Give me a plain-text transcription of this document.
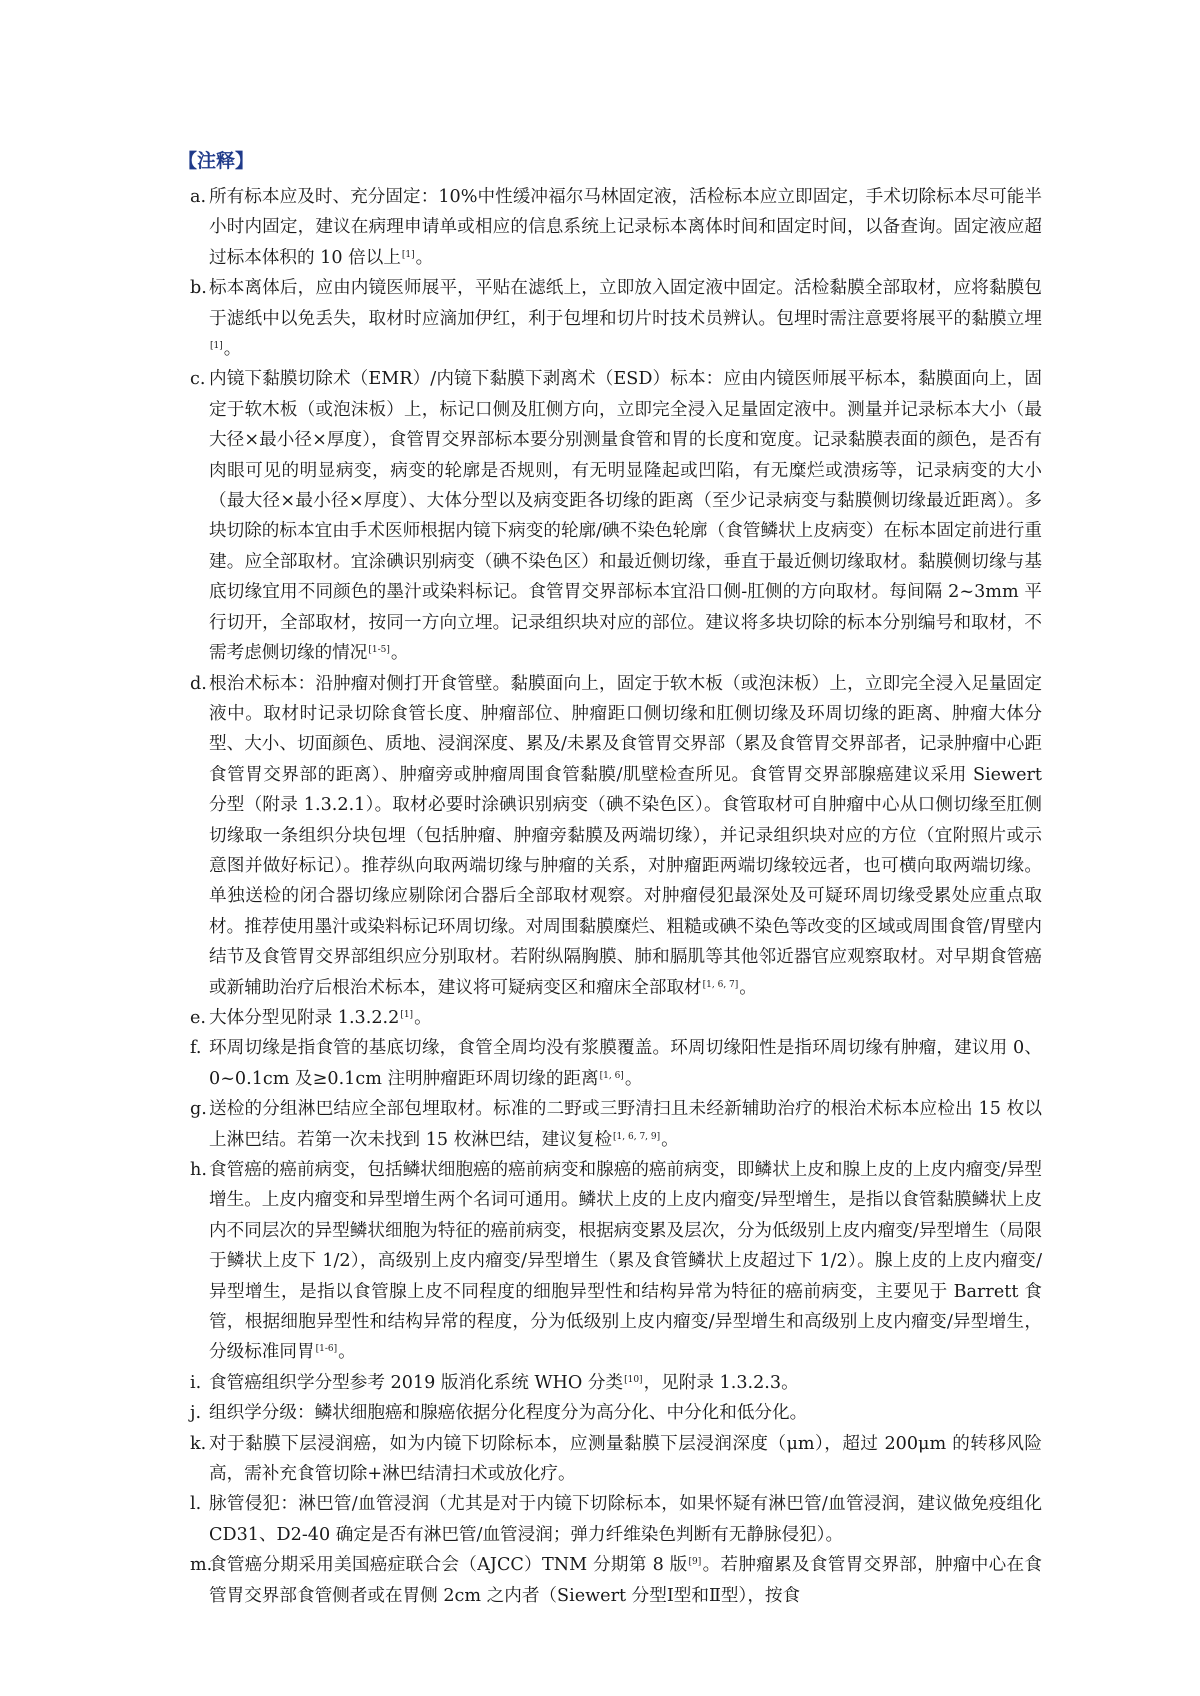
【注释】
a. 所有标本应及时、充分固定：10%中性缓冲福尔马林固定液，活检标本应立即固定，手术切除标本尽可能半小时内固定，建议在病理申请单或相应的信息系统上记录标本离体时间和固定时间，以备查询。固定液应超过标本体积的 10 倍以上[1]。
b. 标本离体后，应由内镜医师展平，平贴在滤纸上，立即放入固定液中固定。活检黏膜全部取材，应将黏膜包于滤纸中以免丢失，取材时应滴加伊红，利于包埋和切片时技术员辨认。包埋时需注意要将展平的黏膜立埋[1]。
c. 内镜下黏膜切除术（EMR）/内镜下黏膜下剥离术（ESD）标本：应由内镜医师展平标本，黏膜面向上，固定于软木板（或泡沫板）上，标记口侧及肛侧方向，立即完全浸入足量固定液中。测量并记录标本大小（最大径×最小径×厚度），食管胃交界部标本要分别测量食管和胃的长度和宽度。记录黏膜表面的颜色，是否有肉眼可见的明显病变，病变的轮廓是否规则，有无明显隆起或凹陷，有无糜烂或溃疡等，记录病变的大小（最大径×最小径×厚度）、大体分型以及病变距各切缘的距离（至少记录病变与黏膜侧切缘最近距离）。多块切除的标本宜由手术医师根据内镜下病变的轮廓/碘不染色轮廓（食管鳞状上皮病变）在标本固定前进行重建。应全部取材。宜涂碘识别病变（碘不染色区）和最近侧切缘，垂直于最近侧切缘取材。黏膜侧切缘与基底切缘宜用不同颜色的墨汁或染料标记。食管胃交界部标本宜沿口侧-肛侧的方向取材。每间隔 2~3mm 平行切开，全部取材，按同一方向立埋。记录组织块对应的部位。建议将多块切除的标本分别编号和取材，不需考虑侧切缘的情况[1-5]。
d. 根治术标本：沿肿瘤对侧打开食管壁。黏膜面向上，固定于软木板（或泡沫板）上，立即完全浸入足量固定液中。取材时记录切除食管长度、肿瘤部位、肿瘤距口侧切缘和肛侧切缘及环周切缘的距离、肿瘤大体分型、大小、切面颜色、质地、浸润深度、累及/未累及食管胃交界部（累及食管胃交界部者，记录肿瘤中心距食管胃交界部的距离）、肿瘤旁或肿瘤周围食管黏膜/肌壁检查所见。食管胃交界部腺癌建议采用 Siewert 分型（附录 1.3.2.1）。取材必要时涂碘识别病变（碘不染色区）。食管取材可自肿瘤中心从口侧切缘至肛侧切缘取一条组织分块包埋（包括肿瘤、肿瘤旁黏膜及两端切缘），并记录组织块对应的方位（宜附照片或示意图并做好标记）。推荐纵向取两端切缘与肿瘤的关系，对肿瘤距两端切缘较远者，也可横向取两端切缘。单独送检的闭合器切缘应剔除闭合器后全部取材观察。对肿瘤侵犯最深处及可疑环周切缘受累处应重点取材。推荐使用墨汁或染料标记环周切缘。对周围黏膜糜烂、粗糙或碘不染色等改变的区域或周围食管/胃壁内结节及食管胃交界部组织应分别取材。若附纵隔胸膜、肺和膈肌等其他邻近器官应观察取材。对早期食管癌或新辅助治疗后根治术标本，建议将可疑病变区和瘤床全部取材[1, 6, 7]。
e. 大体分型见附录 1.3.2.2[1]。
f. 环周切缘是指食管的基底切缘，食管全周均没有浆膜覆盖。环周切缘阳性是指环周切缘有肿瘤，建议用 0、0~0.1cm 及≥0.1cm 注明肿瘤距环周切缘的距离[1, 6]。
g. 送检的分组淋巴结应全部包埋取材。标准的二野或三野清扫且未经新辅助治疗的根治术标本应检出 15 枚以上淋巴结。若第一次未找到 15 枚淋巴结，建议复检[1, 6, 7, 9]。
h. 食管癌的癌前病变，包括鳞状细胞癌的癌前病变和腺癌的癌前病变，即鳞状上皮和腺上皮的上皮内瘤变/异型增生。上皮内瘤变和异型增生两个名词可通用。鳞状上皮的上皮内瘤变/异型增生，是指以食管黏膜鳞状上皮内不同层次的异型鳞状细胞为特征的癌前病变，根据病变累及层次，分为低级别上皮内瘤变/异型增生（局限于鳞状上皮下 1/2），高级别上皮内瘤变/异型增生（累及食管鳞状上皮超过下 1/2）。腺上皮的上皮内瘤变/异型增生，是指以食管腺上皮不同程度的细胞异型性和结构异常为特征的癌前病变，主要见于 Barrett 食管，根据细胞异型性和结构异常的程度，分为低级别上皮内瘤变/异型增生和高级别上皮内瘤变/异型增生，分级标准同胃[1-6]。
i. 食管癌组织学分型参考 2019 版消化系统 WHO 分类[10]，见附录 1.3.2.3。
j. 组织学分级：鳞状细胞癌和腺癌依据分化程度分为高分化、中分化和低分化。
k. 对于黏膜下层浸润癌，如为内镜下切除标本，应测量黏膜下层浸润深度（μm），超过 200μm 的转移风险高，需补充食管切除+淋巴结清扫术或放化疗。
l. 脉管侵犯：淋巴管/血管浸润（尤其是对于内镜下切除标本，如果怀疑有淋巴管/血管浸润，建议做免疫组化 CD31、D2-40 确定是否有淋巴管/血管浸润；弹力纤维染色判断有无静脉侵犯）。
m.
食管癌分期采用美国癌症联合会（AJCC）TNM 分期第 8 版[9]。若肿瘤累及食管胃交界部，肿瘤中心在食管胃交界部食管侧者或在胃侧 2cm 之内者（Siewert 分型Ⅰ型和Ⅱ型），按食
